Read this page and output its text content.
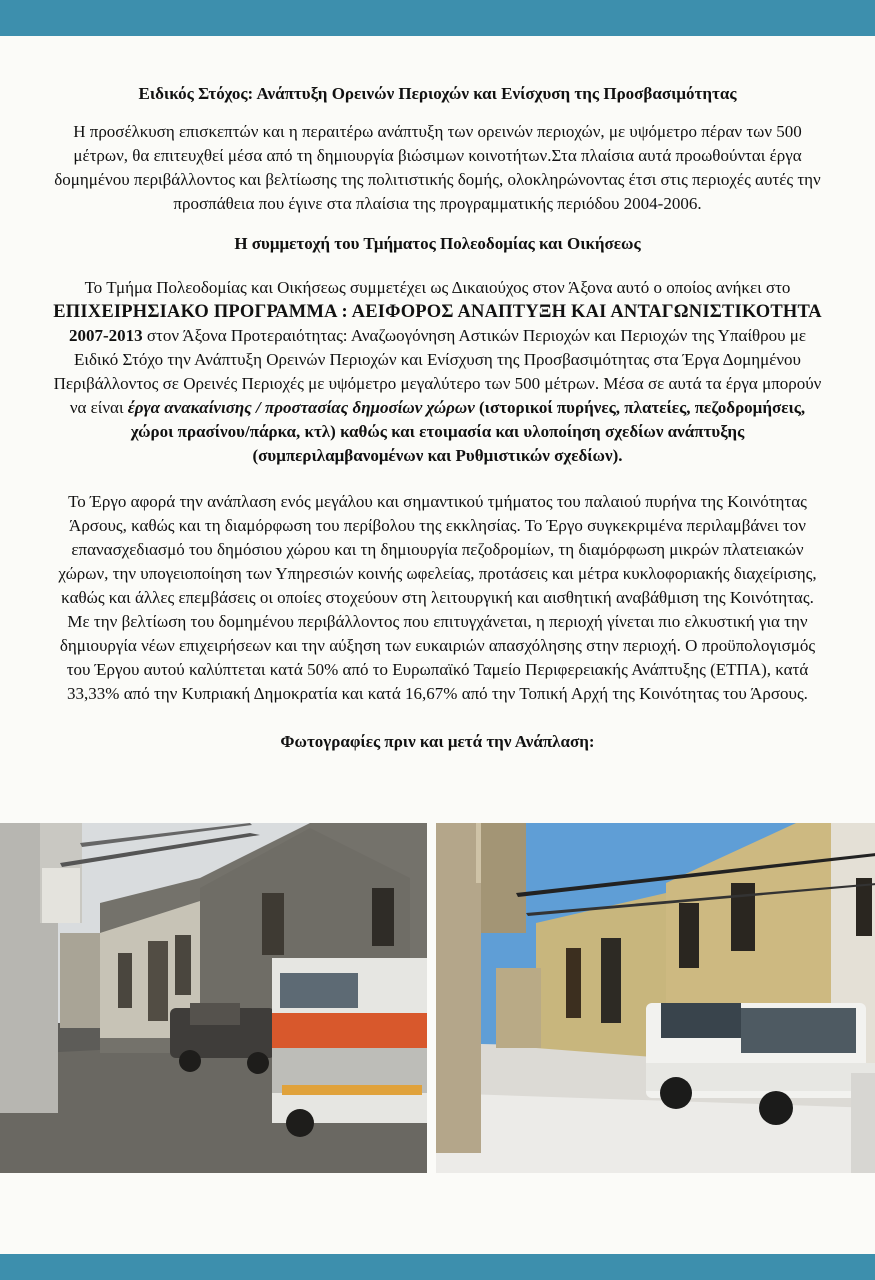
Ειδικός Στόχος: Ανάπτυξη Ορεινών Περιοχών και Ενίσχυση της Προσβασιμότητας

Η προσέλκυση επισκεπτών και η περαιτέρω ανάπτυξη των ορεινών περιοχών, με υψόμετρο πέραν των 500 μέτρων, θα επιτευχθεί μέσα από τη δημιουργία βιώσιμων κοινοτήτων.Στα πλαίσια αυτά προωθούνται έργα δομημένου περιβάλλοντος και βελτίωσης της πολιτιστικής δομής, ολοκληρώνοντας έτσι στις περιοχές αυτές την προσπάθεια που έγινε στα πλαίσια της προγραμματικής περιόδου 2004-2006.

Η συμμετοχή του Τμήματος Πολεοδομίας και Οικήσεως

Το Τμήμα Πολεοδομίας και Οικήσεως συμμετέχει ως Δικαιούχος στον Άξονα αυτό ο οποίος ανήκει στο
ΕΠΙΧΕΙΡΗΣΙΑΚΟ ΠΡΟΓΡΑΜΜΑ : ΑΕΙΦΟΡΟΣ ΑΝΑΠΤΥΞΗ ΚΑΙ ΑΝΤΑΓΩΝΙΣΤΙΚΟΤΗΤΑ
2007-2013 στον Άξονα Προτεραιότητας: Αναζωογόνηση Αστικών Περιοχών και Περιοχών της Υπαίθρου με Ειδικό Στόχο την Ανάπτυξη Ορεινών Περιοχών και Ενίσχυση της Προσβασιμότητας στα Έργα Δομημένου Περιβάλλοντος σε Ορεινές Περιοχές με υψόμετρο μεγαλύτερο των 500 μέτρων. Μέσα σε αυτά τα έργα μπορούν να είναι έργα ανακαίνισης / προστασίας δημοσίων χώρων (ιστορικοί πυρήνες, πλατείες, πεζοδρομήσεις, χώροι πρασίνου/πάρκα, κτλ) καθώς και ετοιμασία και υλοποίηση σχεδίων ανάπτυξης (συμπεριλαμβανομένων και Ρυθμιστικών σχεδίων).

Το Έργο αφορά την ανάπλαση ενός μεγάλου και σημαντικού τμήματος του παλαιού πυρήνα της Κοινότητας Άρσους, καθώς και τη διαμόρφωση του περίβολου της εκκλησίας. Το Έργο συγκεκριμένα περιλαμβάνει τον επανασχεδιασμό του δημόσιου χώρου και τη δημιουργία πεζοδρομίων, τη διαμόρφωση μικρών πλατειακών χώρων, την υπογειοποίηση των Υπηρεσιών κοινής ωφελείας, προτάσεις και μέτρα κυκλοφοριακής διαχείρισης, καθώς και άλλες επεμβάσεις οι οποίες στοχεύουν στη λειτουργική και αισθητική αναβάθμιση της Κοινότητας. Με την βελτίωση του δομημένου περιβάλλοντος που επιτυγχάνεται, η περιοχή γίνεται πιο ελκυστική για την δημιουργία νέων επιχειρήσεων και την αύξηση των ευκαιριών απασχόλησης στην περιοχή. Ο προϋπολογισμός του Έργου αυτού καλύπτεται κατά 50% από το Ευρωπαϊκό Ταμείο Περιφερειακής Ανάπτυξης (ΕΤΠΑ), κατά 33,33% από την Κυπριακή Δημοκρατία και κατά 16,67% από την Τοπική Αρχή της Κοινότητας του Άρσους.

Φωτογραφίες πριν και μετά την Ανάπλαση:
